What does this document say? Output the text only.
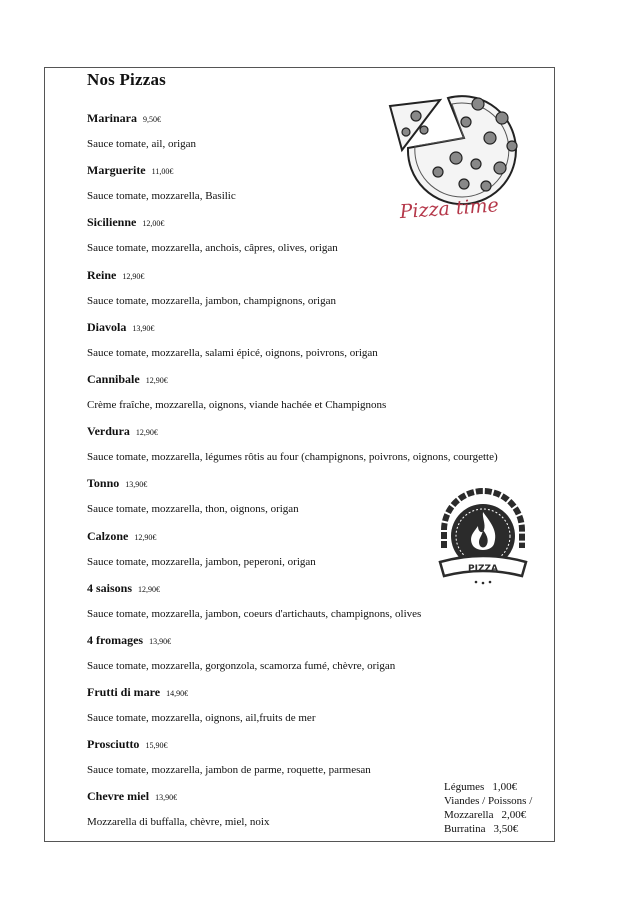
Nos Pizzas
Marinara 9,50€
Sauce tomate, ail, origan
Marguerite 11,00€
Sauce tomate, mozzarella, Basilic
Sicilienne 12,00€
Sauce tomate, mozzarella, anchois, câpres, olives, origan
Reine 12,90€
Sauce tomate, mozzarella, jambon, champignons, origan
Diavola 13,90€
Sauce tomate, mozzarella, salami épicé, oignons, poivrons, origan
Cannibale 12,90€
Crème fraîche, mozzarella, oignons, viande hachée et Champignons
Verdura 12,90€
Sauce tomate, mozzarella, légumes rôtis au four (champignons, poivrons, oignons, courgette)
Tonno 13,90€
Sauce tomate, mozzarella, thon, oignons, origan
Calzone 12,90€
Sauce tomate, mozzarella, jambon, peperoni, origan
4 saisons 12,90€
Sauce tomate, mozzarella, jambon, coeurs d'artichauts, champignons, olives
4 fromages 13,90€
Sauce tomate, mozzarella, gorgonzola, scamorza fumé, chèvre, origan
Frutti di mare 14,90€
Sauce tomate, mozzarella, oignons, ail,fruits de mer
Prosciutto 15,90€
Sauce tomate, mozzarella, jambon de parme, roquette, parmesan
Chevre miel 13,90€
Mozzarella di buffalla, chèvre, miel, noix
Pizza time
PIZZA
Légumes 1,00€
Viandes / Poissons /
Mozzarella 2,00€
Burratina 3,50€
